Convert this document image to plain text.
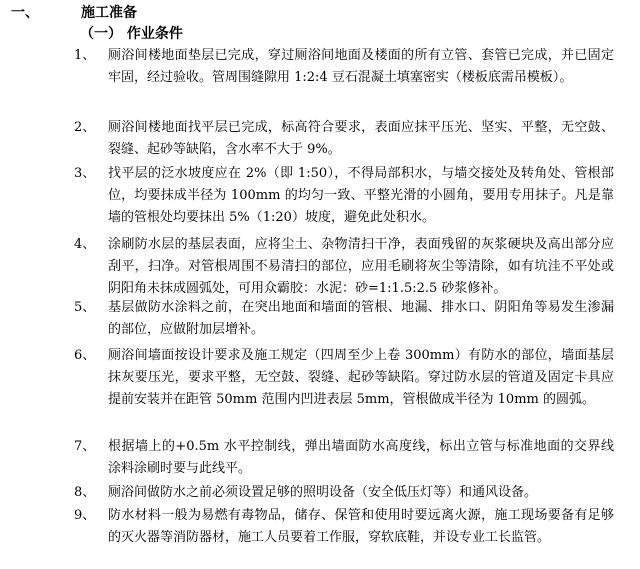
一、	施工准备
（一） 作业条件
1、 厕浴间楼地面垫层已完成，穿过厕浴间地面及楼面的所有立管、套管已完成，并已固定牢固，经过验收。管周围缝隙用 1:2:4 豆石混凝土填塞密实（楼板底需吊模板）。
2、 厕浴间楼地面找平层已完成，标高符合要求，表面应抹平压光、坚实、平整，无空鼓、裂缝、起砂等缺陷，含水率不大于 9%。
3、 找平层的泛水坡度应在 2%（即 1:50），不得局部积水，与墙交接处及转角处、管根部位，均要抹成半径为 100mm 的均匀一致、平整光滑的小圆角，要用专用抹子。凡是靠墙的管根处均要抹出 5%（1:20）坡度，避免此处积水。
4、 涂刷防水层的基层表面，应将尘土、杂物清扫干净，表面残留的灰浆硬块及高出部分应刮平，扫净。对管根周围不易清扫的部位，应用毛刷将灰尘等清除，如有坑洼不平处或阴阳角未抹成圆弧处，可用众霸胶：水泥：砂=1:1.5:2.5 砂浆修补。
5、 基层做防水涂料之前，在突出地面和墙面的管根、地漏、排水口、阴阳角等易发生渗漏的部位，应做附加层增补。
6、 厕浴间墙面按设计要求及施工规定（四周至少上卷 300mm）有防水的部位，墙面基层抹灰要压光，要求平整，无空鼓、裂缝、起砂等缺陷。穿过防水层的管道及固定卡具应提前安装并在距管 50mm 范围内凹进表层 5mm，管根做成半径为 10mm 的圆弧。
7、 根据墙上的+0.5m 水平控制线，弹出墙面防水高度线，标出立管与标准地面的交界线　涂料涂刷时要与此线平。
8、 厕浴间做防水之前必须设置足够的照明设备（安全低压灯等）和通风设备。
9、 防水材料一般为易燃有毒物品，储存、保管和使用时要远离火源，施工现场要备有足够的灭火器等消防器材，施工人员要着工作服，穿软底鞋，并设专业工长监管。
